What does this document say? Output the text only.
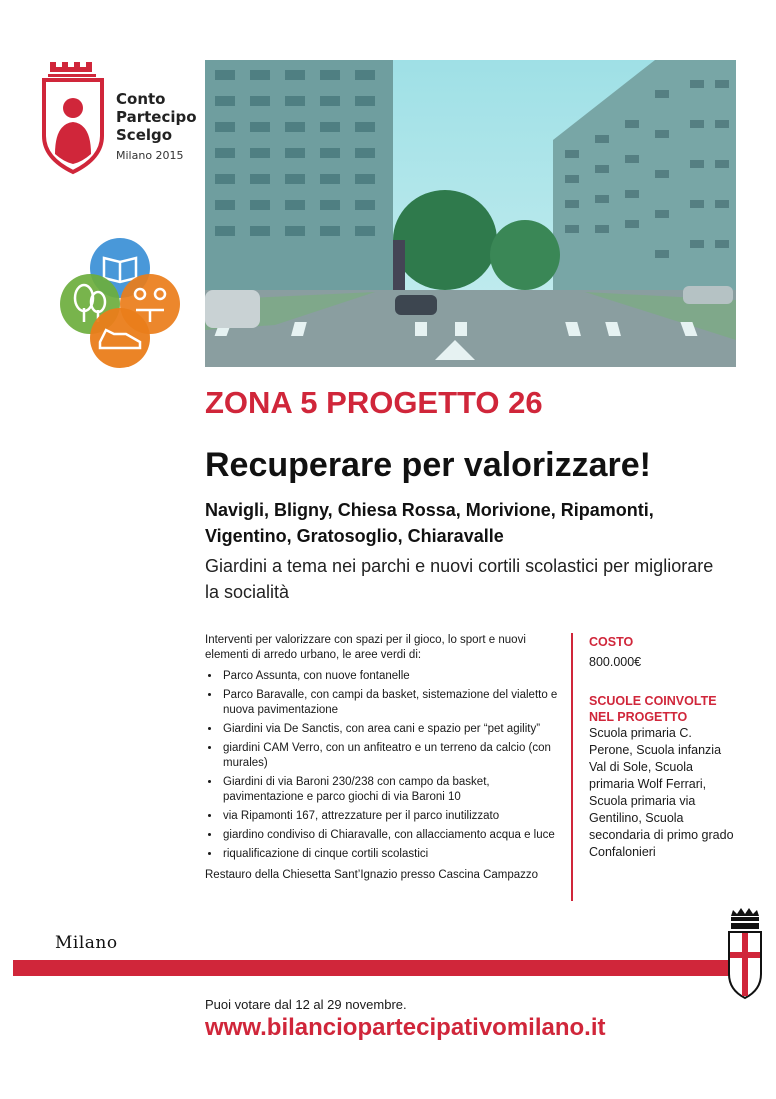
Conto
Partecipo
Scelgo
Milano 2015
ZONA 5 PROGETTO 26
Recuperare per valorizzare!
Navigli, Bligny, Chiesa Rossa, Morivione, Ripamonti, Vigentino, Gratosoglio, Chiaravalle
Giardini a tema nei parchi e nuovi cortili scolastici per migliorare la socialità

Interventi per valorizzare con spazi per il gioco, lo sport e nuovi elementi di arredo urbano, le aree verdi di:

• Parco Assunta, con nuove fontanelle
• Parco Baravalle, con campi da basket, sistemazione del vialetto e nuova pavimentazione
• Giardini via De Sanctis, con area cani e spazio per “pet agility”
• giardini CAM Verro, con un anfiteatro e un terreno da calcio (con murales)
• Giardini di via Baroni 230/238 con campo da basket, pavimentazione e parco giochi di via Baroni 10
• via Ripamonti 167, attrezzature per il parco inutilizzato
• giardino condiviso di Chiaravalle, con allacciamento acqua e luce
• riqualificazione di cinque cortili scolastici

Restauro della Chiesetta Sant’Ignazio presso Cascina Campazzo

COSTO
800.000€
SCUOLE COINVOLTE NEL PROGETTO
Scuola primaria C. Perone, Scuola infanzia Val di Sole, Scuola primaria Wolf Ferrari, Scuola primaria via Gentilino, Scuola secondaria di primo grado Confalonieri
Milano
Puoi votare dal 12 al 29 novembre.
www.bilanciopartecipativomilano.it
